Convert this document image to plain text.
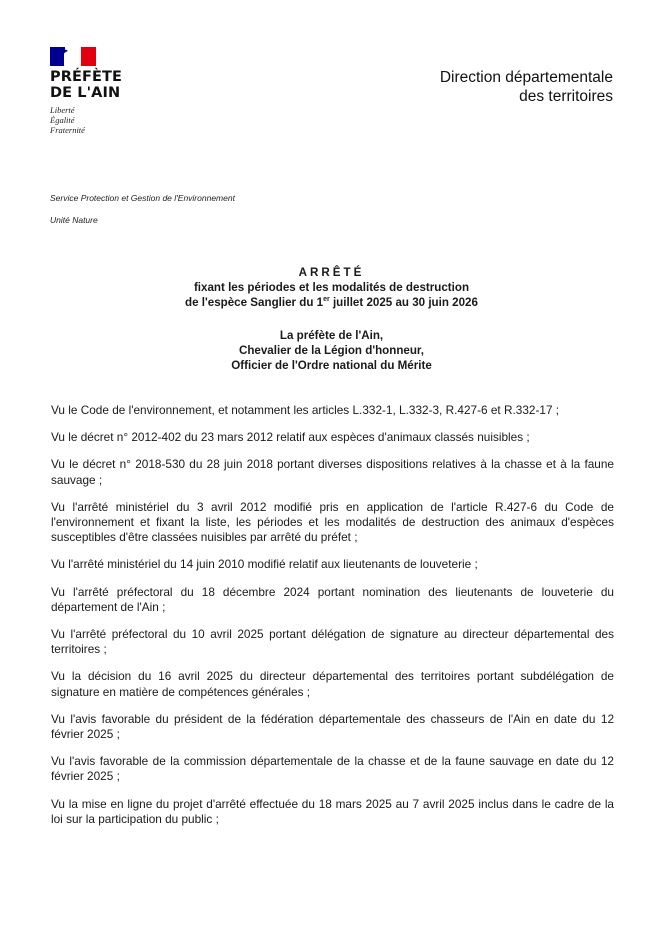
PRÉFÈTE
DE L'AIN
Liberté
Égalité
Fraternité
Direction départementale
des territoires
Service Protection et Gestion de l'Environnement
Unité Nature
ARRÊTÉ
fixant les périodes et les modalités de destruction
de l'espèce Sanglier du 1er juillet 2025 au 30 juin 2026
La préfète de l'Ain,
Chevalier de la Légion d'honneur,
Officier de l'Ordre national du Mérite

Vu le Code de l'environnement, et notamment les articles L.332-1, L.332-3, R.427-6 et R.332-17 ;

Vu le décret n° 2012-402 du 23 mars 2012 relatif aux espèces d'animaux classés nuisibles ;

Vu le décret n° 2018-530 du 28 juin 2018 portant diverses dispositions relatives à la chasse et à la faune sauvage ;

Vu l'arrêté ministériel du 3 avril 2012 modifié pris en application de l'article R.427-6 du Code de l'environnement et fixant la liste, les périodes et les modalités de destruction des animaux d'espèces susceptibles d'être classées nuisibles par arrêté du préfet ;

Vu l'arrêté ministériel du 14 juin 2010 modifié relatif aux lieutenants de louveterie ;

Vu l'arrêté préfectoral du 18 décembre 2024 portant nomination des lieutenants de louveterie du département de l'Ain ;

Vu l'arrêté préfectoral du 10 avril 2025 portant délégation de signature au directeur départemental des territoires ;

Vu la décision du 16 avril 2025 du directeur départemental des territoires portant subdélégation de signature en matière de compétences générales ;

Vu l'avis favorable du président de la fédération départementale des chasseurs de l'Ain en date du 12 février 2025 ;

Vu l'avis favorable de la commission départementale de la chasse et de la faune sauvage en date du 12 février 2025 ;

Vu la mise en ligne du projet d'arrêté effectuée du 18 mars 2025 au 7 avril 2025 inclus dans le cadre de la loi sur la participation du public ;
